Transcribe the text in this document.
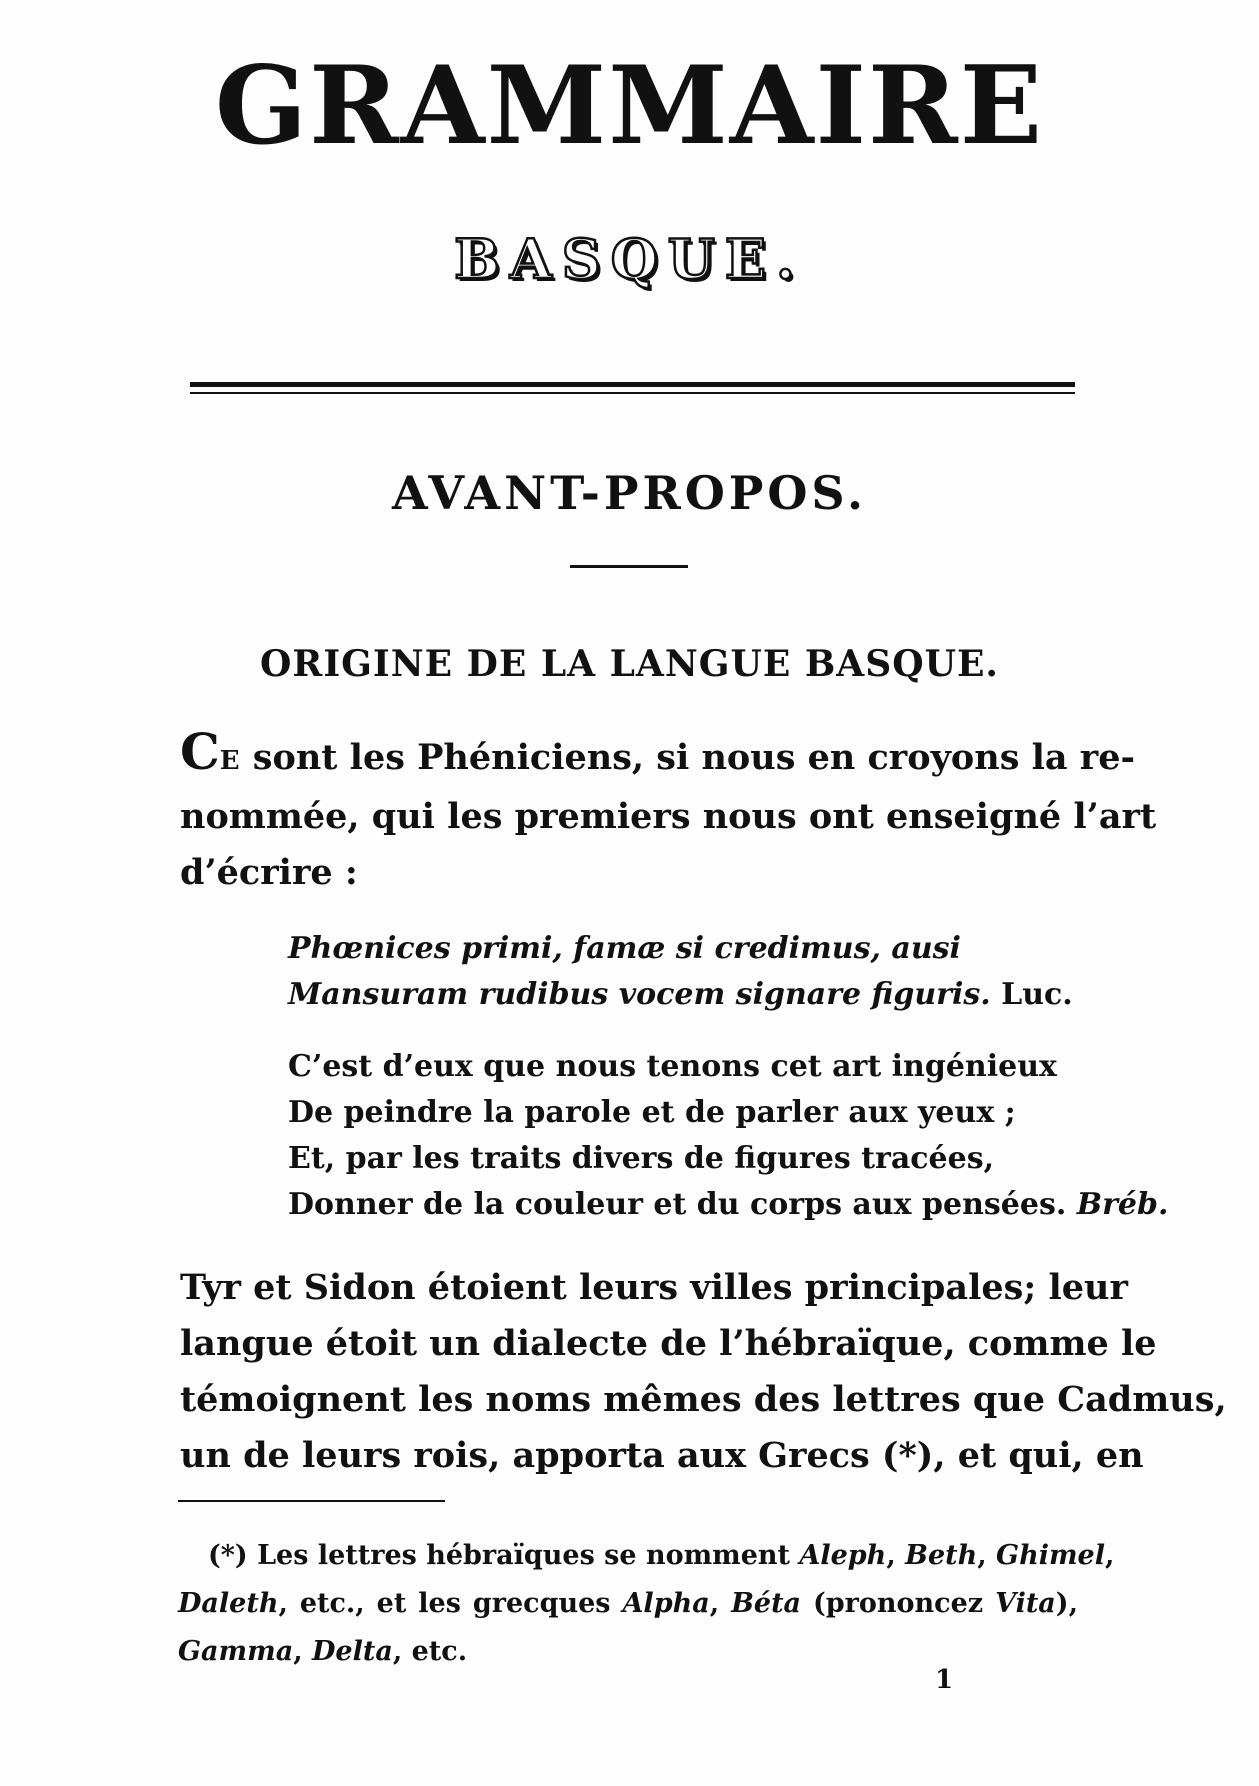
GRAMMAIRE
BASQUE.
AVANT-PROPOS.
ORIGINE DE LA LANGUE BASQUE.
CE sont les Phéniciens, si nous en croyons la re-
nommée, qui les premiers nous ont enseigné l’art
d’écrire :
Phœnices primi, famæ si credimus, ausi
Mansuram rudibus vocem signare figuris. Luc.
C’est d’eux que nous tenons cet art ingénieux
De peindre la parole et de parler aux yeux ;
Et, par les traits divers de figures tracées,
Donner de la couleur et du corps aux pensées. Bréb.
Tyr et Sidon étoient leurs villes principales; leur
langue étoit un dialecte de l’hébraïque, comme le
témoignent les noms mêmes des lettres que Cadmus,
un de leurs rois, apporta aux Grecs (*), et qui, en
(*) Les lettres hébraïques se nomment Aleph, Beth, Ghimel,
Daleth, etc., et les grecques Alpha, Béta (prononcez Vita),
Gamma, Delta, etc.
1
